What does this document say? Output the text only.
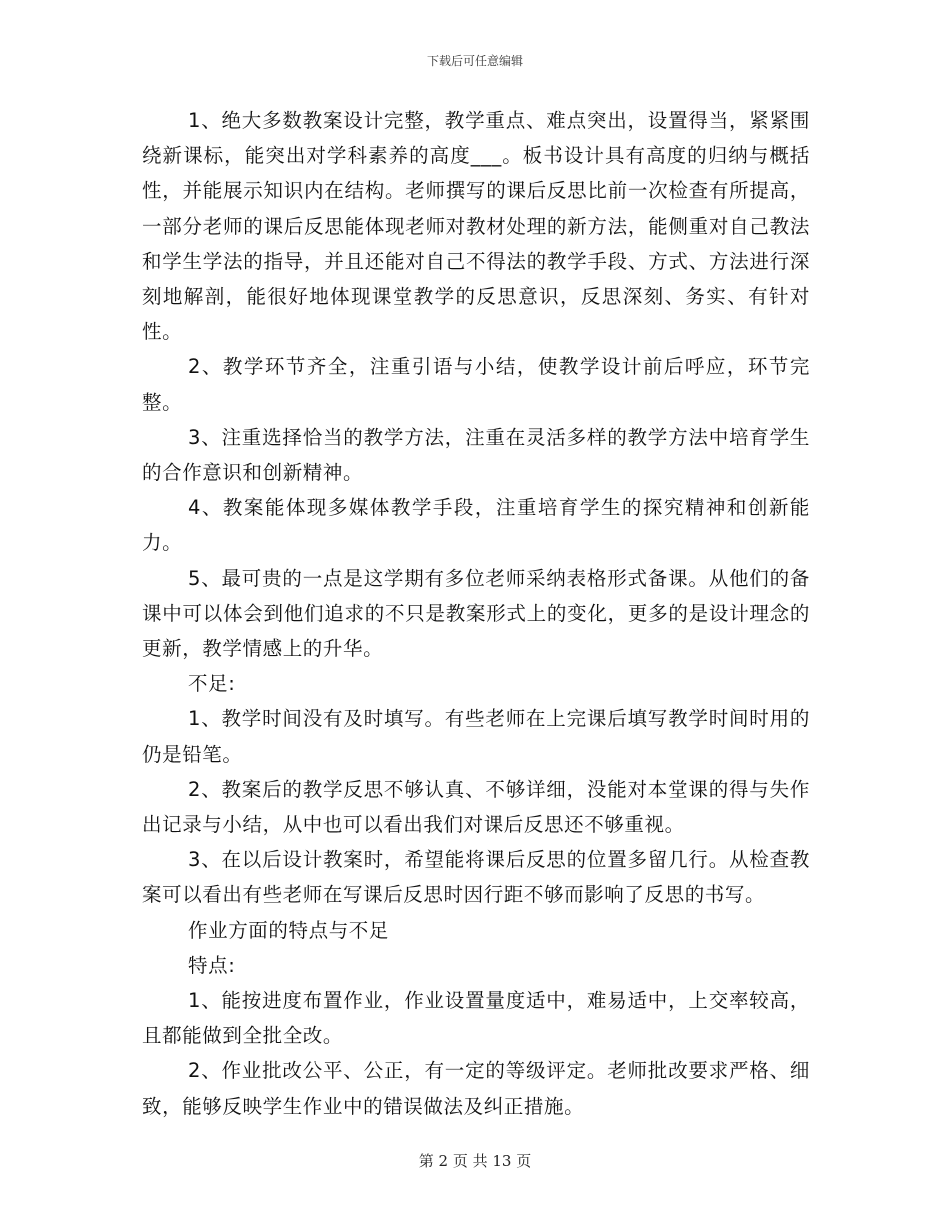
下载后可任意编辑

1、绝大多数教案设计完整，教学重点、难点突出，设置得当，紧紧围绕新课标，能突出对学科素养的高度___。板书设计具有高度的归纳与概括性，并能展示知识内在结构。老师撰写的课后反思比前一次检查有所提高，一部分老师的课后反思能体现老师对教材处理的新方法，能侧重对自己教法和学生学法的指导，并且还能对自己不得法的教学手段、方式、方法进行深刻地解剖，能很好地体现课堂教学的反思意识，反思深刻、务实、有针对性。

2、教学环节齐全，注重引语与小结，使教学设计前后呼应，环节完整。

3、注重选择恰当的教学方法，注重在灵活多样的教学方法中培育学生的合作意识和创新精神。

4、教案能体现多媒体教学手段，注重培育学生的探究精神和创新能力。

5、最可贵的一点是这学期有多位老师采纳表格形式备课。从他们的备课中可以体会到他们追求的不只是教案形式上的变化，更多的是设计理念的更新，教学情感上的升华。

不足:

1、教学时间没有及时填写。有些老师在上完课后填写教学时间时用的仍是铅笔。

2、教案后的教学反思不够认真、不够详细，没能对本堂课的得与失作出记录与小结，从中也可以看出我们对课后反思还不够重视。

3、在以后设计教案时，希望能将课后反思的位置多留几行。从检查教案可以看出有些老师在写课后反思时因行距不够而影响了反思的书写。

作业方面的特点与不足

特点:

1、能按进度布置作业，作业设置量度适中，难易适中，上交率较高，且都能做到全批全改。

2、作业批改公平、公正，有一定的等级评定。老师批改要求严格、细致，能够反映学生作业中的错误做法及纠正措施。

第 2 页 共 13 页
